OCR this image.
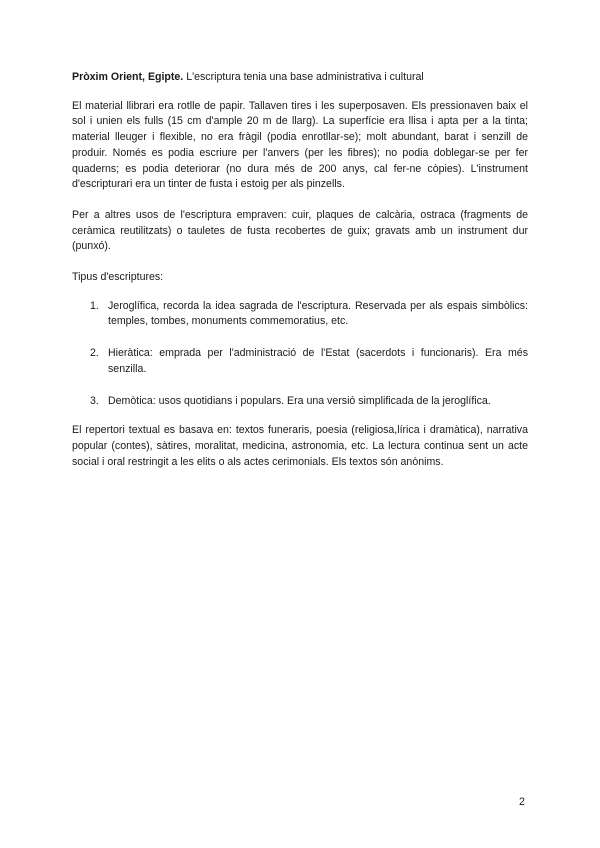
Pròxim Orient, Egipte. L'escriptura tenia una base administrativa i cultural

El material llibrari era rotlle de papir. Tallaven tires i les superposaven. Els pressionaven baix el sol i unien els fulls (15 cm d'ample 20 m de llarg). La superfície era llisa i apta per a la tinta; material lleuger i flexible, no era fràgil (podia enrotllar-se); molt abundant, barat i senzill de produir. Només es podia escriure per l'anvers (per les fibres); no podia doblegar-se per fer quaderns; es podia deteriorar (no dura més de 200 anys, cal fer-ne còpies). L'instrument d'escripturari era un tinter de fusta i estoig per als pinzells.

Per a altres usos de l'escriptura empraven: cuir, plaques de calcària, ostraca (fragments de ceràmica reutilitzats) o tauletes de fusta recobertes de guix; gravats amb un instrument dur (punxó).

Tipus d'escriptures:

1. Jeroglífica, recorda la idea sagrada de l'escriptura. Reservada per als espais simbòlics: temples, tombes, monuments commemoratius, etc.
2. Hieràtica: emprada per l'administració de l'Estat (sacerdots i funcionaris). Era més senzilla.
3. Demòtica: usos quotidians i populars. Era una versió simplificada de la jeroglífica.

El repertori textual es basava en: textos funeraris, poesia (religiosa,lírica i dramàtica), narrativa popular (contes), sàtires, moralitat, medicina, astronomia, etc. La lectura continua sent un acte social i oral restringit a les elits o als actes cerimonials. Els textos són anònims.

2
